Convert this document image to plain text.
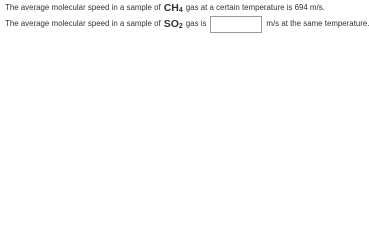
The average molecular speed in a sample of $CH_4$ gas at a certain temperature is 694 m/s.
The average molecular speed in a sample of $SO_2$ gas is	m/s at the same temperature.
